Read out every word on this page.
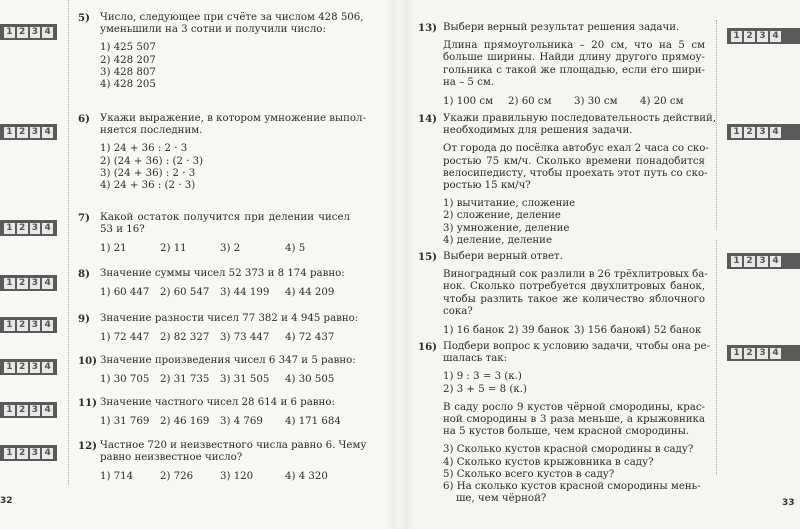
32
1 2 3 4
5) Число, следующее при счёте за числом 428 506,
уменьшили на 3 сотни и получили число:
1) 425 507
2) 428 207
3) 428 807
4) 428 205
1 2 3 4
6) Укажи выражение, в котором умножение выпол-
няется последним.
1) 24 + 36 : 2 · 3
2) (24 + 36) : (2 · 3)
3) (24 + 36) : 2 · 3
4) 24 + 36 : (2 · 3)
1 2 3 4
7) Какой остаток получится при делении чисел
53 и 16?
1) 21	2) 11	3) 2	4) 5
1 2 3 4
8) Значение суммы чисел 52 373 и 8 174 равно:
1) 60 447 2) 60 547 3) 44 199 4) 44 209
1 2 3 4	9) Значение разности чисел 77 382 и 4 945 равно:
1) 72 447 2) 82 327 3) 73 447 4) 72 437
1 2 3 4	10) Значение произведения чисел 6 347 и 5 равно:
1) 30 705 2) 31 735 3) 31 505 4) 30 505
1 2 3 4
11) Значение частного чисел 28 614 и 6 равно:
1) 31 769 2) 46 169 3) 4 769 4) 171 684
1 2 3 4
12) Частное 720 и неизвестного числа равно 6. Чему
равно неизвестное число?
1) 714	2) 726	3) 120	4) 4 320
33
1 2 3 4
13) Выбери верный результат решения задачи.
Длина прямоугольника – 20 см, что на 5 см
больше ширины. Найди длину другого прямоу-
гольника с такой же площадью, если его шири-
на – 5 см.
1) 100 см 2) 60 см 3) 30 см 4) 20 см
1 2 3 4
14) Укажи правильную последовательность действий,
необходимых для решения задачи.
От города до посёлка автобус ехал 2 часа со ско-
ростью 75 км/ч. Сколько времени понадобится
велосипедисту, чтобы проехать этот путь со ско-
ростью 15 км/ч?
1) вычитание, сложение
2) сложение, деление
3) умножение, деление
4) деление, деление
1 2 3 4
15) Выбери верный ответ.
Виноградный сок разлили в 26 трёхлитровых ба-
нок. Сколько потребуется двухлитровых банок,
чтобы разлить такое же количество яблочного
сока?
1) 16 банок 2) 39 банок 3) 156 банок
4) 52 банок
1 2 3 4
16) Подбери вопрос к условию задачи, чтобы она ре-
шалась так:
1) 9 : 3 = 3 (к.)
2) 3 + 5 = 8 (к.)
В саду росло 9 кустов чёрной смородины, крас-
ной смородины в 3 раза меньше, а крыжовника
на 5 кустов больше, чем красной смородины.
3) Сколько кустов красной смородины в саду?
4) Сколько кустов крыжовника в саду?
5) Сколько всего кустов в саду?
6) На сколько кустов красной смородины мень-
ше, чем чёрной?
